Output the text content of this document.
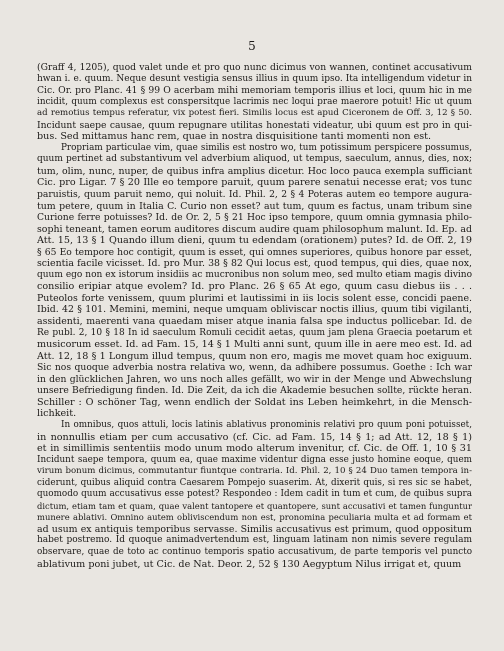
5
(Graff 4, 1205), quod valet unde et pro quo nunc dicimus von wannen, continet accusativum
hwan i. e. quum. Neque desunt vestigia sensus illius in quum ipso. Ita intelligendum videtur in
Cic. Or. pro Planc. 41 § 99 O acerbam mihi memoriam temporis illius et loci, quum hic in me
incidit, quum complexus est conspersitque lacrimis nec loqui prae maerore potuit! Hic ut quum
ad remotius tempus referatur, vix potest fieri. Similis locus est apud Ciceronem de Off. 3, 12 § 50.
Incidunt saepe causae, quum repugnare utilitas honestati videatur, ubi quum est pro in qui-
bus. Sed mittamus hanc rem, quae in nostra disquisitione tanti momenti non est.
Propriam particulae vim, quae similis est nostro wo, tum potissimum perspicere possumus,
quum pertinet ad substantivum vel adverbium aliquod, ut tempus, saeculum, annus, dies, nox;
tum, olim, nunc, nuper, de quibus infra amplius dicetur. Hoc loco pauca exempla sufficiant
Cic. pro Ligar. 7 § 20 Ille eo tempore paruit, quum parere senatui necesse erat; vos tunc
paruistis, quum paruit nemo, qui noluit. Id. Phil. 2, 2 § 4 Poteras autem eo tempore augura-
tum petere, quum in Italia C. Curio non esset? aut tum, quum es factus, unam tribum sine
Curione ferre potuisses? Id. de Or. 2, 5 § 21 Hoc ipso tempore, quum omnia gymnasia philo-
sophi teneant, tamen eorum auditores discum audire quam philosophum malunt. Id. Ep. ad
Att. 15, 13 § 1 Quando illum dieni, quum tu edendam (orationem) putes? Id. de Off. 2, 19
§ 65 Eo tempore hoc contigit, quum is esset, qui omnes superiores, quibus honore par esset,
scientia facile vicisset. Id. pro Mur. 38 § 82 Qui locus est, quod tempus, qui dies, quae nox,
quum ego non ex istorum insidiis ac mucronibus non solum meo, sed multo etiam magis divino
consilio eripiar atque evolem? Id. pro Planc. 26 § 65 At ego, quum casu diebus iis . . .
Puteolos forte venissem, quum plurimi et lautissimi in iis locis solent esse, concidi paene.
Ibid. 42 § 101. Memini, memini, neque umquam obliviscar noctis illius, quum tibi vigilanti,
assidenti, maerenti vana quaedam miser atque inania falsa spe inductus pollicebar. Id. de
Re publ. 2, 10 § 18 In id saeculum Romuli cecidit aetas, quum jam plena Graecia poetarum et
musicorum esset. Id. ad Fam. 15, 14 § 1 Multi anni sunt, quum ille in aere meo est. Id. ad
Att. 12, 18 § 1 Longum illud tempus, quum non ero, magis me movet quam hoc exiguum.
Sic nos quoque adverbia nostra relativa wo, wenn, da adhibere possumus. Goethe : Ich war
in den glücklichen Jahren, wo uns noch alles gefällt, wo wir in der Menge und Abwechslung
unsere Befriedigung finden. Id. Die Zeit, da ich die Akademie besuchen sollte, rückte heran.
Schiller : O schöner Tag, wenn endlich der Soldat ins Leben heimkehrt, in die Mensch-
lichkeit.
In omnibus, quos attuli, locis latinis ablativus pronominis relativi pro quum poni potuisset,
in nonnullis etiam per cum accusativo (cf. Cic. ad Fam. 15, 14 § 1; ad Att. 12, 18 § 1)
et in simillimis sententiis modo unum modo alterum invenitur, cf. Cic. de Off. 1, 10 § 31
Incidunt saepe tempora, quum ea, quae maxime videntur digna esse justo homine eoque, quem
virum bonum dicimus, commutantur fiuntque contraria. Id. Phil. 2, 10 § 24 Duo tamen tempora in-
ciderunt, quibus aliquid contra Caesarem Pompejo suaserim. At, dixerit quis, si res sic se habet,
quomodo quum accusativus esse potest? Respondeo : Idem cadit in tum et cum, de quibus supra
dictum, etiam tam et quam, quae valent tantopere et quantopere, sunt accusativi et tamen funguntur
munere ablativi. Omnino autem obliviscendum non est, pronomina peculiaria multa et ad formam et
ad usum ex antiquis temporibus servasse. Similis accusativus est primum, quod oppositum
habet postremo. Id quoque animadvertendum est, linguam latinam non nimis severe regulam
observare, quae de toto ac continuo temporis spatio accusativum, de parte temporis vel puncto
ablativum poni jubet, ut Cic. de Nat. Deor. 2, 52 § 130 Aegyptum Nilus irrigat et, quum
